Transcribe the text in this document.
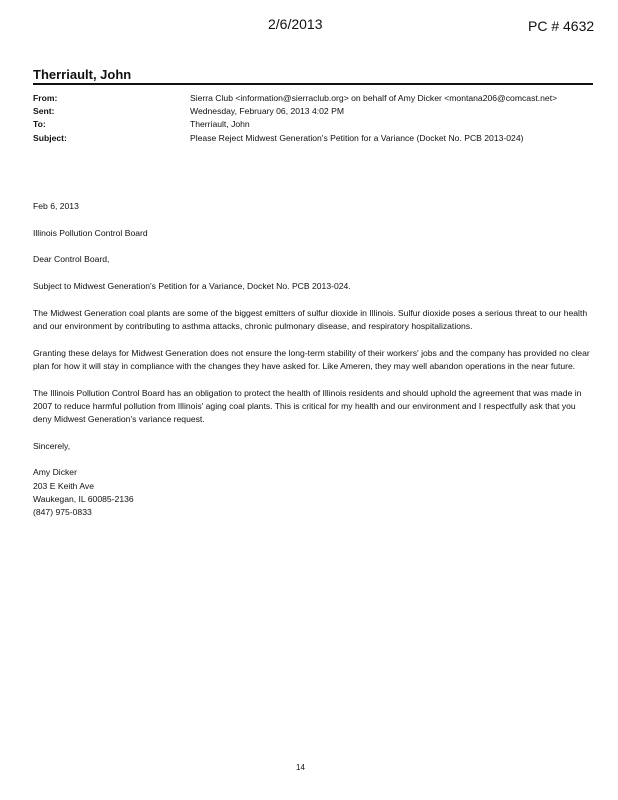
2/6/2013	PC # 4632
Therriault, John
From:	Sierra Club <information@sierraclub.org> on behalf of Amy Dicker <montana206@comcast.net>
Sent:	Wednesday, February 06, 2013 4:02 PM
To:	Therriault, John
Subject:	Please Reject Midwest Generation's Petition for a Variance (Docket No. PCB 2013-024)

Feb 6, 2013

Illinois Pollution Control Board

Dear Control Board,

Subject to Midwest Generation's Petition for a Variance, Docket No. PCB 2013-024.

The Midwest Generation coal plants are some of the biggest emitters of sulfur dioxide in Illinois. Sulfur dioxide poses a serious threat to our health and our environment by contributing to asthma attacks, chronic pulmonary disease, and respiratory hospitalizations.

Granting these delays for Midwest Generation does not ensure the long-term stability of their workers' jobs and the company has provided no clear plan for how it will stay in compliance with the changes they have asked for. Like Ameren, they may well abandon operations in the near future.

The Illinois Pollution Control Board has an obligation to protect the health of Illinois residents and should uphold the agreement that was made in 2007 to reduce harmful pollution from Illinois' aging coal plants. This is critical for my health and our environment and I respectfully ask that you deny Midwest Generation's variance request.

Sincerely,

Amy Dicker
203 E Keith Ave
Waukegan, IL 60085-2136
(847) 975-0833
14
